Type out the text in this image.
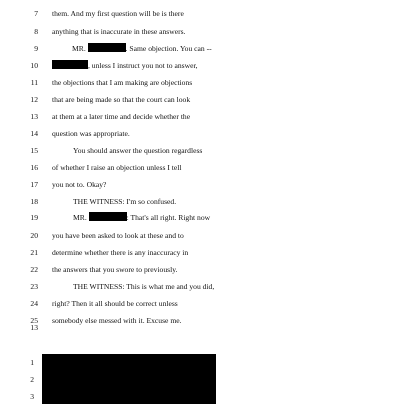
7 them. And my first question will be is there
8 anything that is inaccurate in these answers.
9	MR.	. Same objection. You can --
10	, unless I instruct you not to answer,
11 the objections that I am making are objections
12 that are being made so that the court can look
13 at them at a later time and decide whether the
14 question was appropriate.
15	You should answer the question regardless
16 of whether I raise an objection unless I tell
17 you not to. Okay?
18	THE WITNESS: I'm so confused.
19	MR.	: That's all right. Right now
20 you have been asked to look at these and to
21 determine whether there is any inaccuracy in
22 the answers that you swore to previously.
23	THE WITNESS: This is what me and you did,
24 right? Then it all should be correct unless
25 somebody else messed with it. Excuse me.
13
1
2
3
